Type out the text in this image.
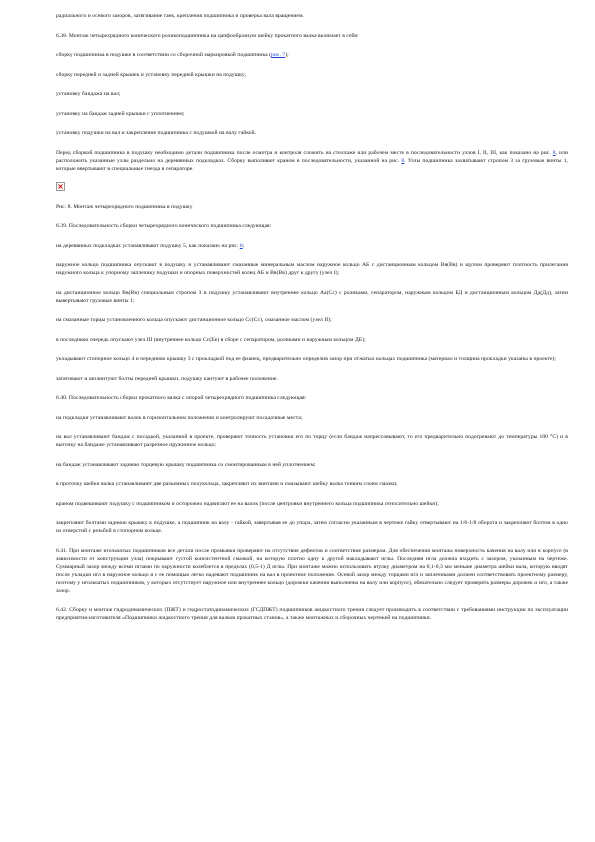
радиального и осевого зазоров, затягивание гаек, крепления подшипника и проверка вала вращением.

6.38. Монтаж четырехрядного конического роликоподшипника на цапфообразную шейку прокатного валка включает в себя:

сборку подшипника в подушке в соответствии со сборочной маркировкой подшипника (рис. 7);

сборку передней и задней крышек и установку передней крышки на подушку;

установку бандажа на вал;

установку на бандаж задней крышки с уплотнением;

установку подушки на вал и закрепление подшипника с подушкой на валу гайкой.

Перед сборкой подшипника в подушку необходимо детали подшипника после осмотра и контроля сложить на стеллаже или рабочем месте в последовательности узлов I, II, III, как показано на рис. 8, или расположить указанные узлы раздельно на деревянных подкладках. Сборку выполняют краном в последовательности, указанной на рис. 8. Узлы подшипника захватывают стропом 3 за грузовые винты 1, которые ввертывают в специальные гнезда в сепараторе.

Рис. 8. Монтаж четырехрядного подшипника в подушку

6.39. Последовательность сборки четырехрядного конического подшипника следующая:

на деревянных подкладках устанавливают подушку 5, как показано на рис. 8;

наружное кольцо подшипника опускают в подушку и устанавливают смазанные минеральным маслом наружное кольцо АБ с дистанционным кольцом Вв(Вв) и щупом проверяют плотность прилегания наружного кольца к упорному заплечику подушки и опорных поверхностей колец АБ и Вв(Вв) друг к другу (узел I);

на дистанционное кольцо Вв(Вв) специальным стропом 3 в подушку устанавливают внутреннее кольцо Аа(Сс) с роликами, сепаратором, наружным кольцом БД и дистанционным кольцом Дд(Дд), затем вывертывают грузовые винты 1;

на смазанные торцы установленного кольца опускают дистанционное кольцо Сс(Сс), смазанное маслом (узел II);

в последнюю очередь опускают узел III (внутреннее кольцо Сс(Ее) в сборе с сепаратором, роликами и наружным кольцом ДЕ);

укладывают стопорное кольцо 4 и переднюю крышку 3 с прокладкой под ее фланец, предварительно определив зазор при отжатых кольцах подшипника (материал и толщина прокладки указаны в проекте);

затягивают и шплинтуют болты передней крышки, подушку кантуют в рабочее положение.

6.40. Последовательность сборки прокатного валка с опорой четырехрядного подшипника следующая:

на подкладки устанавливают валок в горизонтальном положении и контролируют посадочные места;

на вал устанавливают бандаж с посадкой, указанной в проекте, проверяют точность установки его по торцу (если бандаж напрессовывают, то его предварительно подогревают до температуры 100 °С) и в выточку на бандаже устанавливают разрезное пружинное кольцо;

на бандаж устанавливают заднюю торцевую крышку подшипника со смонтированным в ней уплотнением;

в проточку шейки валка устанавливают две разъемных полукольца, закрепляют их винтами и смазывают шейку валка тонким слоем смазки;

краном подвешивают подушку с подшипником и осторожно надвигают ее на валок (после центровки внутреннего кольца подшипника относительно шейки);

закрепляют болтами заднюю крышку к подушке, а подшипник на валу - гайкой, завертывая ее до упора, затем согласно указанным в чертеже гайку отвертывают на 1/6-1/8 оборота и закрепляют болтом в одно из отверстий с резьбой в стопорном кольце.

6.41. При монтаже игольчатых подшипников все детали после промывки проверяют на отсутствие дефектов и соответствие размерам. Для обеспечения монтажа поверхность качения на валу или в корпусе (в зависимости от конструкции узла) покрывают густой консистентной смазкой, на которую плотно одну к другой накладывают иглы. Последняя игла должна входить с зазором, указанным на чертеже. Суммарный зазор между всеми иглами по окружности колеблется в пределах (0,5-1) Д иглы. При монтаже можно использовать втулку диаметром на 0,1-0,3 мм меньше диаметра шейки вала, которую вводят после укладки игл в наружное кольцо и с ее помощью легко надевают подшипник на вал в проектное положение. Осевой зазор между торцами игл и заплечиками должен соответствовать проектному размеру, поэтому у игольчатых подшипников, у которых отсутствует наружное или внутреннее кольцо (дорожки качения выполнены на валу или корпусе), обязательно следует проверять размеры дорожек и игл, а также зазор.

6.42. Сборку и монтаж гидродинамических (ПЖТ) и гидростатодинамических (ГСДПЖТ) подшипников жидкостного трения следует производить в соответствии с требованиями инструкции по эксплуатации предприятия-изготовителя «Подшипники жидкостного трения для валков прокатных станов», а также монтажных и сборочных чертежей на подшипники.
